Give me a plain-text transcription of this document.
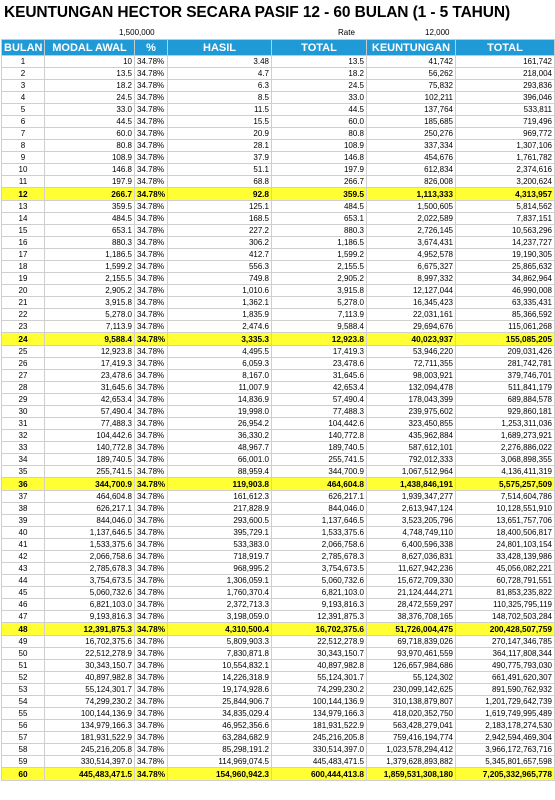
KEUNTUNGAN HECTOR SECARA PASIF 12 - 60 BULAN (1 - 5 TAHUN)
1,500,000	Rate	12,000
BULAN	MODAL AWAL	%	HASIL	TOTAL	KEUNTUNGAN	TOTAL
1	10	34.78%	3.48	13.5	41,742	161,742
2	13.5	34.78%	4.7	18.2	56,262	218,004
3	18.2	34.78%	6.3	24.5	75,832	293,836
4	24.5	34.78%	8.5	33.0	102,211	396,046
5	33.0	34.78%	11.5	44.5	137,764	533,811
6	44.5	34.78%	15.5	60.0	185,685	719,496
7	60.0	34.78%	20.9	80.8	250,276	969,772
8	80.8	34.78%	28.1	108.9	337,334	1,307,106
9	108.9	34.78%	37.9	146.8	454,676	1,761,782
10	146.8	34.78%	51.1	197.9	612,834	2,374,616
11	197.9	34.78%	68.8	266.7	826,008	3,200,624
12	266.7	34.78%	92.8	359.5	1,113,333	4,313,957
13	359.5	34.78%	125.1	484.5	1,500,605	5,814,562
14	484.5	34.78%	168.5	653.1	2,022,589	7,837,151
15	653.1	34.78%	227.2	880.3	2,726,145	10,563,296
16	880.3	34.78%	306.2	1,186.5	3,674,431	14,237,727
17	1,186.5	34.78%	412.7	1,599.2	4,952,578	19,190,305
18	1,599.2	34.78%	556.3	2,155.5	6,675,327	25,865,632
19	2,155.5	34.78%	749.8	2,905.2	8,997,332	34,862,964
20	2,905.2	34.78%	1,010.6	3,915.8	12,127,044	46,990,008
21	3,915.8	34.78%	1,362.1	5,278.0	16,345,423	63,335,431
22	5,278.0	34.78%	1,835.9	7,113.9	22,031,161	85,366,592
23	7,113.9	34.78%	2,474.6	9,588.4	29,694,676	115,061,268
24	9,588.4	34.78%	3,335.3	12,923.8	40,023,937	155,085,205
25	12,923.8	34.78%	4,495.5	17,419.3	53,946,220	209,031,426
26	17,419.3	34.78%	6,059.3	23,478.6	72,711,355	281,742,781
27	23,478.6	34.78%	8,167.0	31,645.6	98,003,921	379,746,701
28	31,645.6	34.78%	11,007.9	42,653.4	132,094,478	511,841,179
29	42,653.4	34.78%	14,836.9	57,490.4	178,043,399	689,884,578
30	57,490.4	34.78%	19,998.0	77,488.3	239,975,602	929,860,181
31	77,488.3	34.78%	26,954.2	104,442.6	323,450,855	1,253,311,036
32	104,442.6	34.78%	36,330.2	140,772.8	435,962,884	1,689,273,921
33	140,772.8	34.78%	48,967.7	189,740.5	587,612,101	2,276,886,022
34	189,740.5	34.78%	66,001.0	255,741.5	792,012,333	3,068,898,355
35	255,741.5	34.78%	88,959.4	344,700.9	1,067,512,964	4,136,411,319
36	344,700.9	34.78%	119,903.8	464,604.8	1,438,846,191	5,575,257,509
37	464,604.8	34.78%	161,612.3	626,217.1	1,939,347,277	7,514,604,786
38	626,217.1	34.78%	217,828.9	844,046.0	2,613,947,124	10,128,551,910
39	844,046.0	34.78%	293,600.5	1,137,646.5	3,523,205,796	13,651,757,706
40	1,137,646.5	34.78%	395,729.1	1,533,375.6	4,748,749,110	18,400,506,817
41	1,533,375.6	34.78%	533,383.0	2,066,758.6	6,400,596,338	24,801,103,154
42	2,066,758.6	34.78%	718,919.7	2,785,678.3	8,627,036,831	33,428,139,986
43	2,785,678.3	34.78%	968,995.2	3,754,673.5	11,627,942,236	45,056,082,221
44	3,754,673.5	34.78%	1,306,059.1	5,060,732.6	15,672,709,330	60,728,791,551
45	5,060,732.6	34.78%	1,760,370.4	6,821,103.0	21,124,444,271	81,853,235,822
46	6,821,103.0	34.78%	2,372,713.3	9,193,816.3	28,472,559,297	110,325,795,119
47	9,193,816.3	34.78%	3,198,059.0	12,391,875.3	38,376,708,165	148,702,503,284
48	12,391,875.3	34.78%	4,310,500.4	16,702,375.6	51,726,004,475	200,428,507,759
49	16,702,375.6	34.78%	5,809,903.3	22,512,278.9	69,718,839,026	270,147,346,785
50	22,512,278.9	34.78%	7,830,871.8	30,343,150.7	93,970,461,559	364,117,808,344
51	30,343,150.7	34.78%	10,554,832.1	40,897,982.8	126,657,984,686	490,775,793,030
52	40,897,982.8	34.78%	14,226,318.9	55,124,301.7	55,124,302	661,491,620,307
53	55,124,301.7	34.78%	19,174,928.6	74,299,230.2	230,099,142,625	891,590,762,932
54	74,299,230.2	34.78%	25,844,906.7	100,144,136.9	310,138,879,807	1,201,729,642,739
55	100,144,136.9	34.78%	34,835,029.4	134,979,166.3	418,020,352,750	1,619,749,995,489
56	134,979,166.3	34.78%	46,952,356.6	181,931,522.9	563,428,279,041	2,183,178,274,530
57	181,931,522.9	34.78%	63,284,682.9	245,216,205.8	759,416,194,774	2,942,594,469,304
58	245,216,205.8	34.78%	85,298,191.2	330,514,397.0	1,023,578,294,412	3,966,172,763,716
59	330,514,397.0	34.78%	114,969,074.5	445,483,471.5	1,379,628,893,882	5,345,801,657,598
60	445,483,471.5	34.78%	154,960,942.3	600,444,413.8	1,859,531,308,180	7,205,332,965,778
